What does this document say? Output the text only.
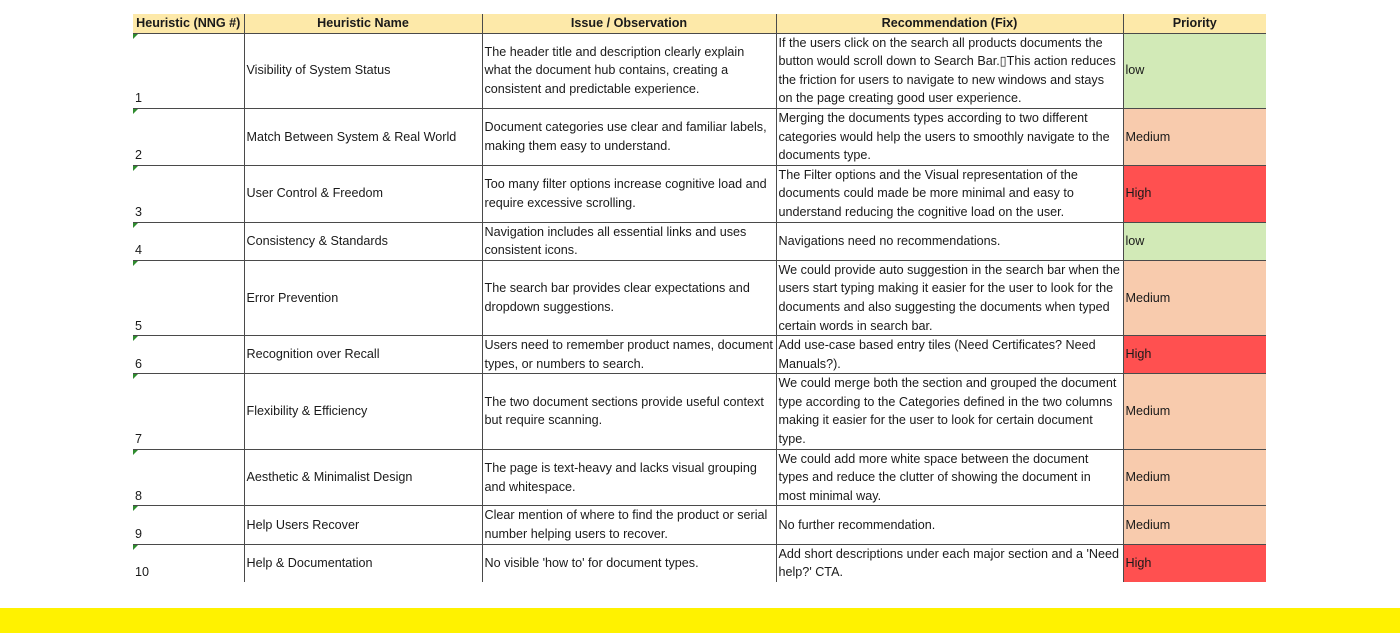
Heuristic (NNG #)	Heuristic Name	Issue / Observation	Recommendation (Fix)	Priority
1	Visibility of System Status	The header title and description clearly explain what the document hub contains, creating a consistent and predictable experience.	If the users click on the search all products documents the button would scroll down to Search Bar.▯This action reduces the friction for users to navigate to new windows and stays on the page creating good user experience.	low
2	Match Between System & Real World	Document categories use clear and familiar labels, making them easy to understand.	Merging the documents types according to two different categories would help the users to smoothly navigate to the documents type.	Medium
3	User Control & Freedom	Too many filter options increase cognitive load and require excessive scrolling.	The Filter options and the Visual representation of the documents could made be more minimal and easy to understand reducing the cognitive load on the user.	High
4	Consistency & Standards	Navigation includes all essential links and uses consistent icons.	Navigations need no recommendations.	low
5	Error Prevention	The search bar provides clear expectations and dropdown suggestions.	We could provide auto suggestion in the search bar when the users start typing making it easier for the user to look for the documents and also suggesting the documents when typed certain words in search bar.	Medium
6	Recognition over Recall	Users need to remember product names, document types, or numbers to search.	Add use-case based entry tiles (Need Certificates? Need Manuals?).	High
7	Flexibility & Efficiency	The two document sections provide useful context but require scanning.	We could merge both the section and grouped the document type according to the Categories defined in the two columns making it easier for the user to look for certain document type.	Medium
8	Aesthetic & Minimalist Design	The page is text-heavy and lacks visual grouping and whitespace.	We could add more white space between the document types and reduce the clutter of showing the document in most minimal way.	Medium
9	Help Users Recover	Clear mention of where to find the product or serial number helping users to recover.	No further recommendation.	Medium
10	Help & Documentation	No visible 'how to' for document types.	Add short descriptions under each major section and a 'Need help?' CTA.	High
